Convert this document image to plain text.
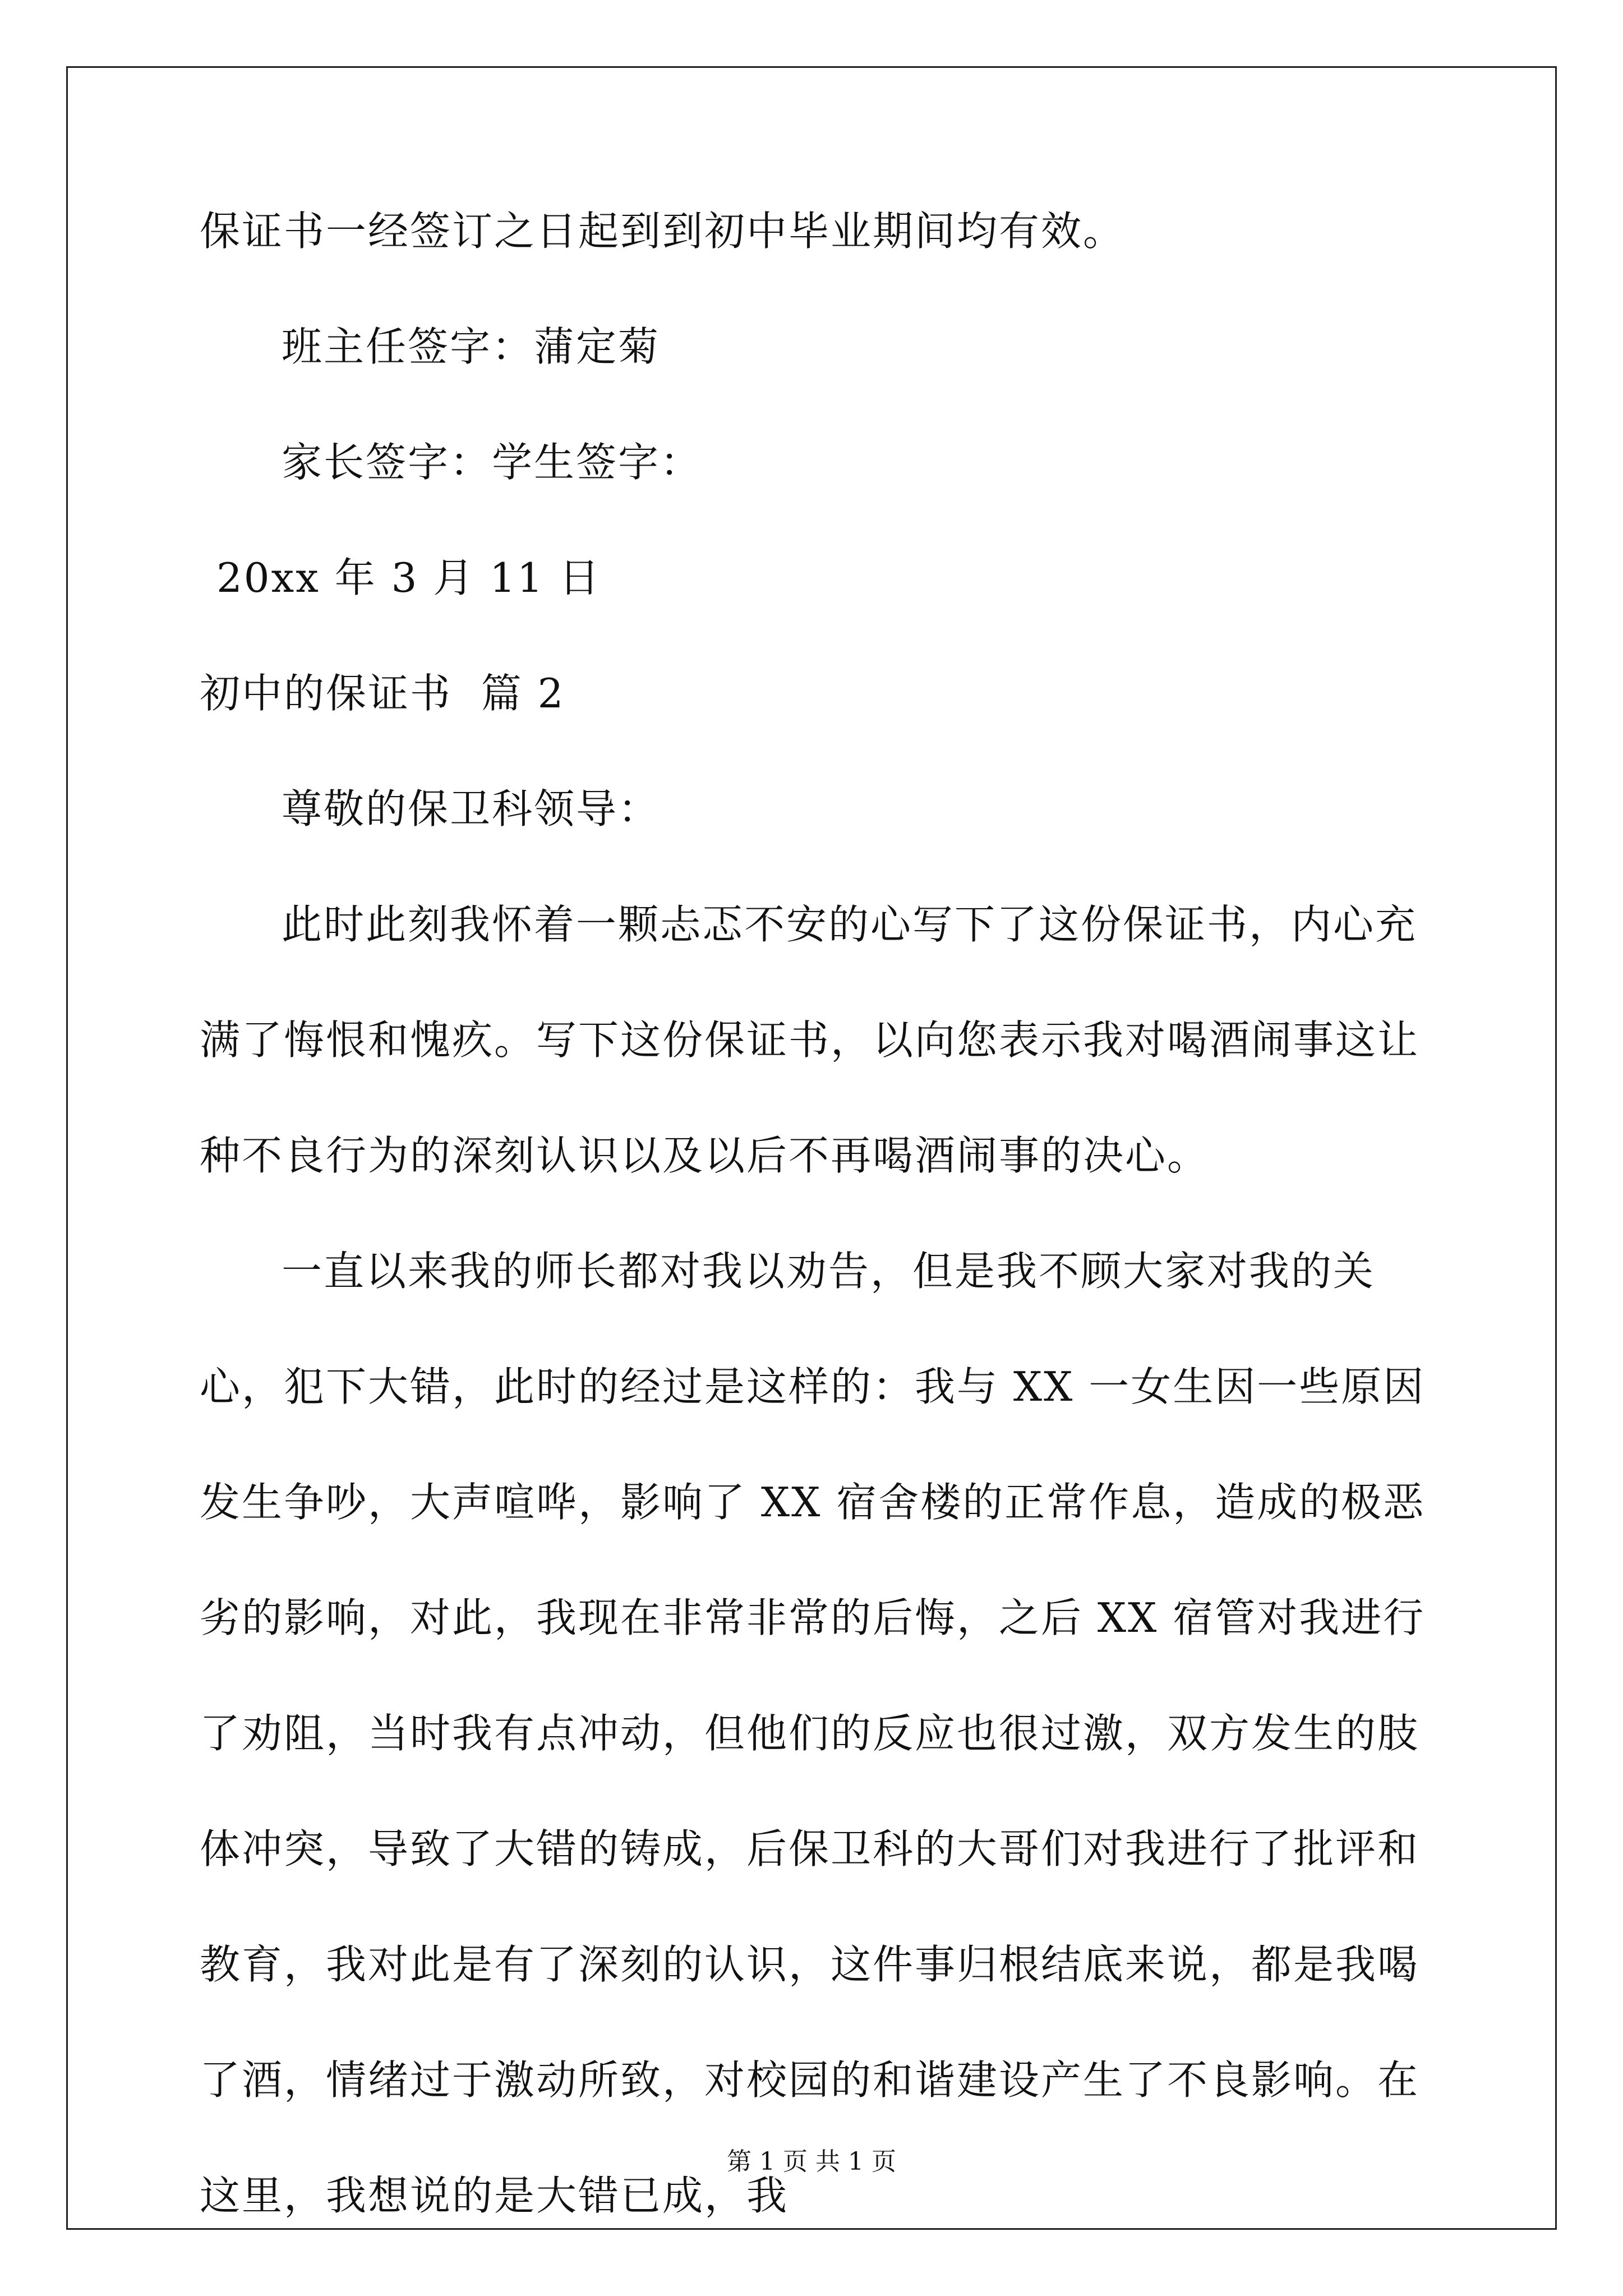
保证书一经签订之日起到到初中毕业期间均有效。

班主任签字：蒲定菊

家长签字：学生签字：

20xx 年 3 月 11 日

初中的保证书  篇 2

尊敬的保卫科领导：

此时此刻我怀着一颗忐忑不安的心写下了这份保证书，内心充满了悔恨和愧疚。写下这份保证书，以向您表示我对喝酒闹事这让种不良行为的深刻认识以及以后不再喝酒闹事的决心。

一直以来我的师长都对我以劝告，但是我不顾大家对我的关心，犯下大错，此时的经过是这样的：我与 XX 一女生因一些原因发生争吵，大声喧哗，影响了 XX 宿舍楼的正常作息，造成的极恶劣的影响，对此，我现在非常非常的后悔，之后 XX 宿管对我进行了劝阻，当时我有点冲动，但他们的反应也很过激，双方发生的肢体冲突，导致了大错的铸成，后保卫科的大哥们对我进行了批评和教育，我对此是有了深刻的认识，这件事归根结底来说，都是我喝了酒，情绪过于激动所致，对校园的和谐建设产生了不良影响。在这里，我想说的是大错已成，我

第 1 页 共 1 页
